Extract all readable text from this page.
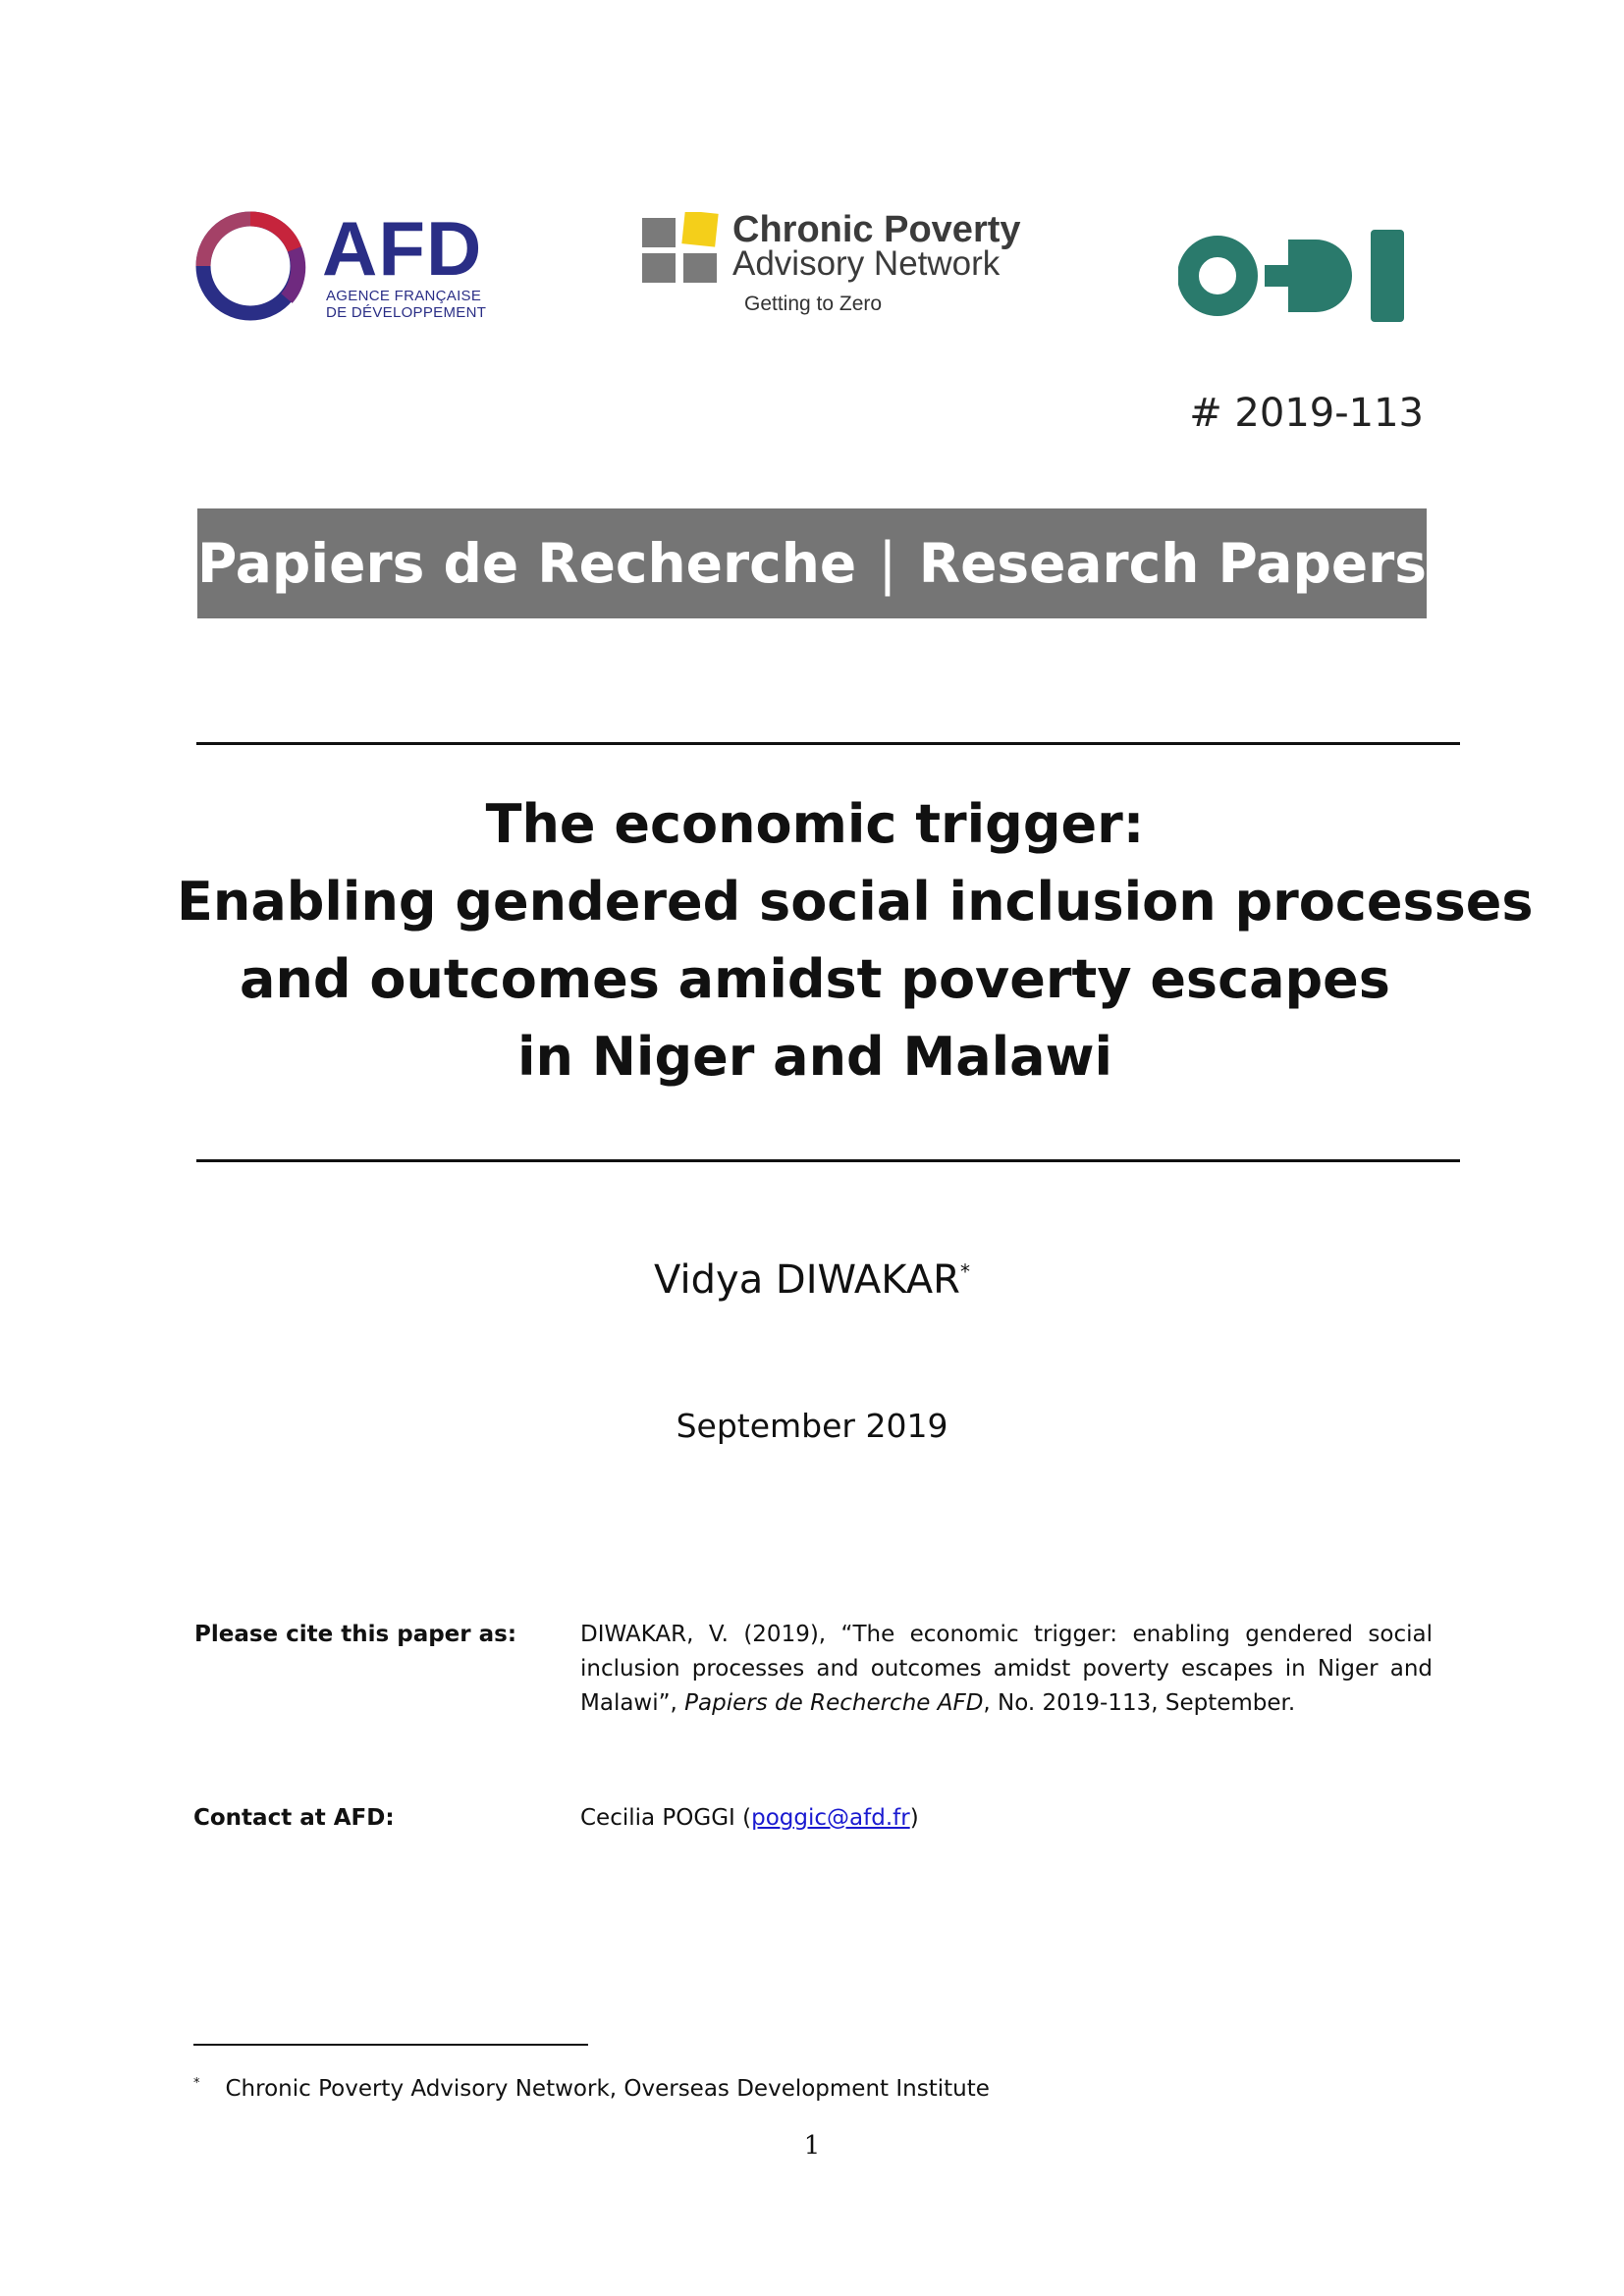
AFD
AGENCE FRANÇAISE
DE DÉVELOPPEMENT
Chronic Poverty
Advisory Network
Getting to Zero
# 2019-113
Papiers de Recherche | Research Papers
The economic trigger:
Enabling gendered social inclusion processes
and outcomes amidst poverty escapes
in Niger and Malawi
Vidya DIWAKAR*
September 2019
Please cite this paper as:	DIWAKAR, V. (2019), “The economic trigger: enabling gendered social inclusion processes and outcomes amidst poverty escapes in Niger and Malawi”, Papiers de Recherche AFD, No. 2019-113, September.
Contact at AFD:	Cecilia POGGI (poggic@afd.fr)
* Chronic Poverty Advisory Network, Overseas Development Institute
1
